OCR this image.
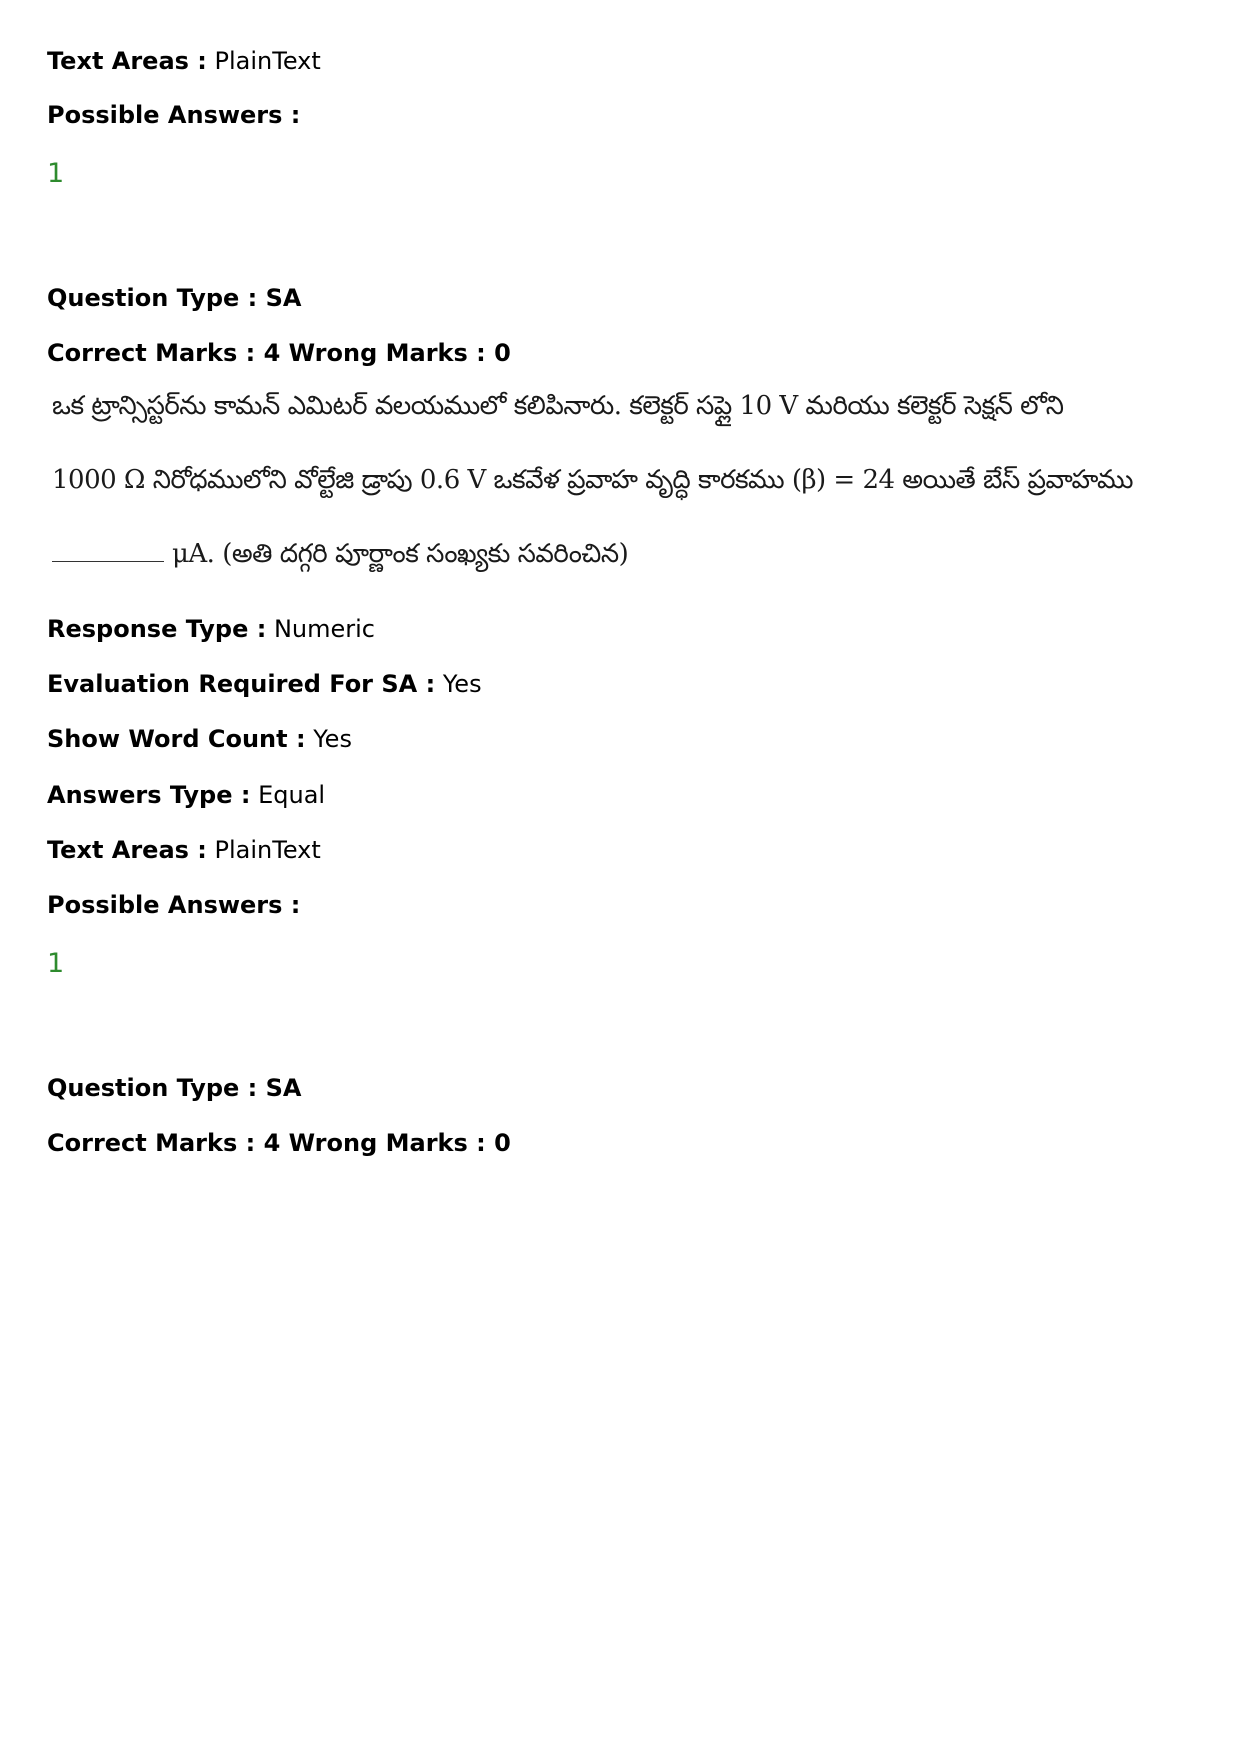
Text Areas : PlainText
Possible Answers :
1
Question Type : SA
Correct Marks : 4 Wrong Marks : 0
ఒక ట్రాన్సిస్టర్‌ను కామన్ ఎమిటర్ వలయములో కలిపినారు. కలెక్టర్ సప్లై 10 V మరియు కలెక్టర్ సెక్షన్ లోని
1000 Ω నిరోధములోని వోల్టేజి డ్రాపు 0.6 V ఒకవేళ ప్రవాహ వృద్ధి కారకము (β) = 24 అయితే బేస్ ప్రవాహము
μA. (అతి దగ్గరి పూర్ణాంక సంఖ్యకు సవరించిన)
Response Type : Numeric
Evaluation Required For SA : Yes
Show Word Count : Yes
Answers Type : Equal
Text Areas : PlainText
Possible Answers :
1
Question Type : SA
Correct Marks : 4 Wrong Marks : 0
